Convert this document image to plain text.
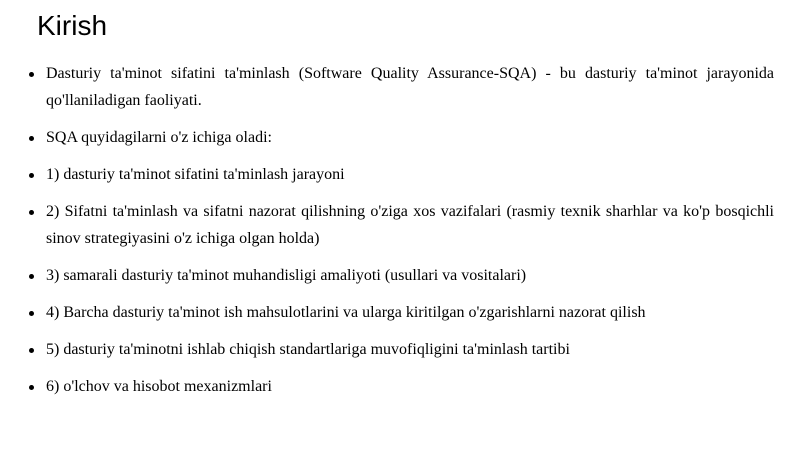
Kirish
Dasturiy ta'minot sifatini ta'minlash (Software Quality Assurance-SQA) - bu dasturiy ta'minot jarayonida qo'llaniladigan faoliyati.
SQA quyidagilarni o'z ichiga oladi:
1) dasturiy ta'minot sifatini ta'minlash jarayoni
2) Sifatni ta'minlash va sifatni nazorat qilishning o'ziga xos vazifalari (rasmiy texnik sharhlar va ko'p bosqichli sinov strategiyasini o'z ichiga olgan holda)
3) samarali dasturiy ta'minot muhandisligi amaliyoti (usullari va vositalari)
4) Barcha dasturiy ta'minot ish mahsulotlarini va ularga kiritilgan o'zgarishlarni nazorat qilish
5) dasturiy ta'minotni ishlab chiqish standartlariga muvofiqligini ta'minlash tartibi
6) o'lchov va hisobot mexanizmlari
